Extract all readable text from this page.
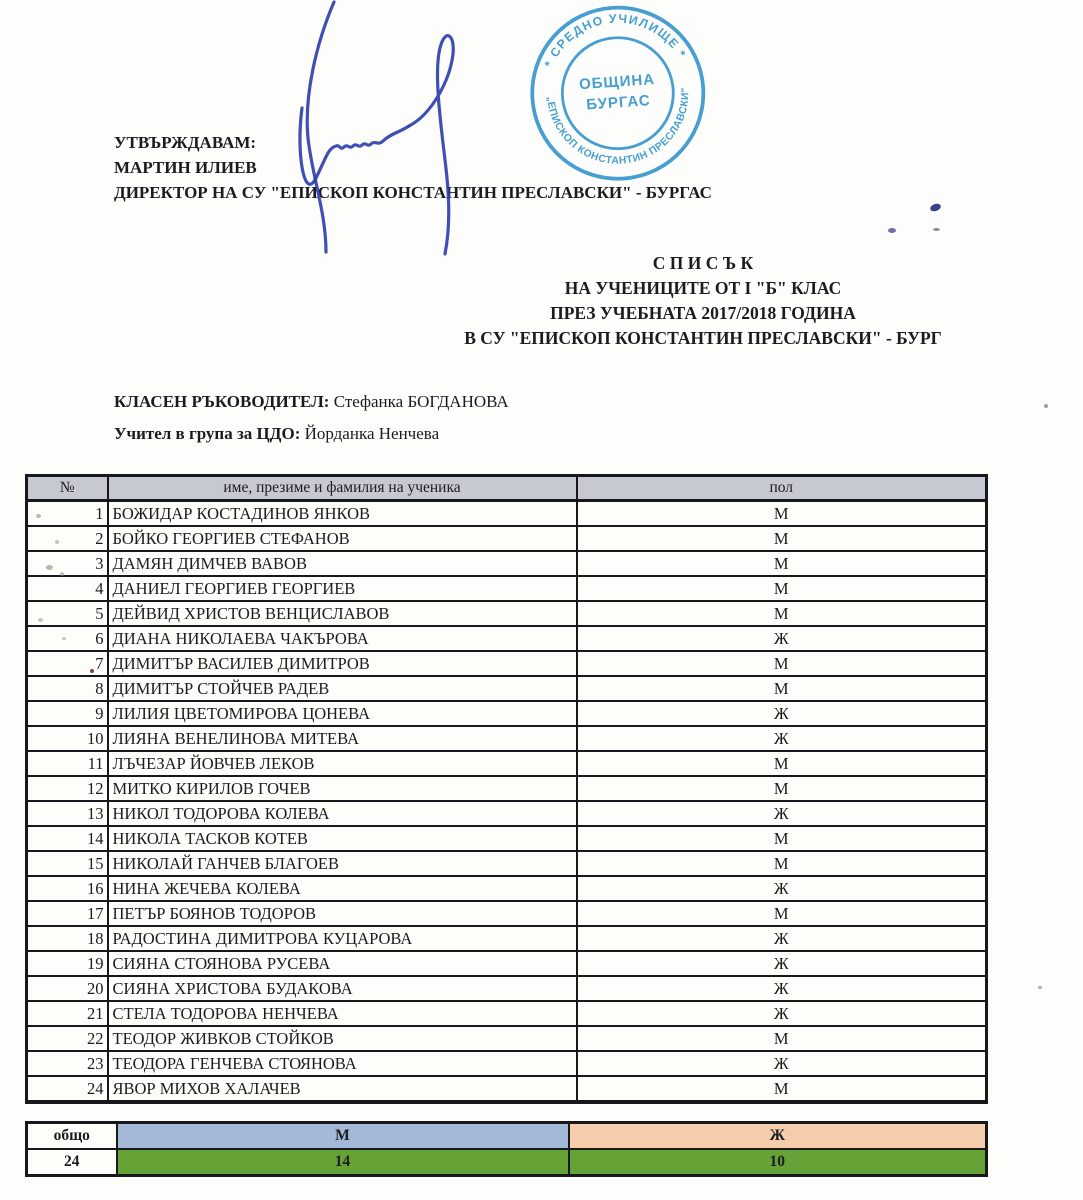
УТВЪРЖДАВАМ:
МАРТИН ИЛИЕВ
ДИРЕКТОР НА СУ "ЕПИСКОП КОНСТАНТИН ПРЕСЛАВСКИ" - БУРГАС
* СРЕДНО УЧИЛИЩЕ *
„ЕПИСКОП КОНСТАНТИН ПРЕСЛАВСКИ"
ОБЩИНА
БУРГАС
С П И С Ъ К
НА УЧЕНИЦИТЕ ОТ I "Б" КЛАС
ПРЕЗ УЧЕБНАТА 2017/2018 ГОДИНА
В СУ "ЕПИСКОП КОНСТАНТИН ПРЕСЛАВСКИ" - БУРГ
КЛАСЕН РЪКОВОДИТЕЛ: Стефанка БОГДАНОВА
Учител в група за ЦДО: Йорданка Ненчева
№	име, презиме и фамилия на ученика	пол
1	БОЖИДАР КОСТАДИНОВ ЯНКОВ	М
2	БОЙКО ГЕОРГИЕВ СТЕФАНОВ	М
3	ДАМЯН ДИМЧЕВ ВАВОВ	М
4	ДАНИЕЛ ГЕОРГИЕВ ГЕОРГИЕВ	М
5	ДЕЙВИД ХРИСТОВ ВЕНЦИСЛАВОВ	М
6	ДИАНА НИКОЛАЕВА ЧАКЪРОВА	Ж
7	ДИМИТЪР ВАСИЛЕВ ДИМИТРОВ	М
8	ДИМИТЪР СТОЙЧЕВ РАДЕВ	М
9	ЛИЛИЯ ЦВЕТОМИРОВА ЦОНЕВА	Ж
10	ЛИЯНА ВЕНЕЛИНОВА МИТЕВА	Ж
11	ЛЪЧЕЗАР ЙОВЧЕВ ЛЕКОВ	М
12	МИТКО КИРИЛОВ ГОЧЕВ	М
13	НИКОЛ ТОДОРОВА КОЛЕВА	Ж
14	НИКОЛА ТАСКОВ КОТЕВ	М
15	НИКОЛАЙ ГАНЧЕВ БЛАГОЕВ	М
16	НИНА ЖЕЧЕВА КОЛЕВА	Ж
17	ПЕТЪР БОЯНОВ ТОДОРОВ	М
18	РАДОСТИНА ДИМИТРОВА КУЦАРОВА	Ж
19	СИЯНА СТОЯНОВА РУСЕВА	Ж
20	СИЯНА ХРИСТОВА БУДАКОВА	Ж
21	СТЕЛА ТОДОРОВА НЕНЧЕВА	Ж
22	ТЕОДОР ЖИВКОВ СТОЙКОВ	М
23	ТЕОДОРА ГЕНЧЕВА СТОЯНОВА	Ж
24	ЯВОР МИХОВ ХАЛАЧЕВ	М
общо	М	Ж
24	14	10
